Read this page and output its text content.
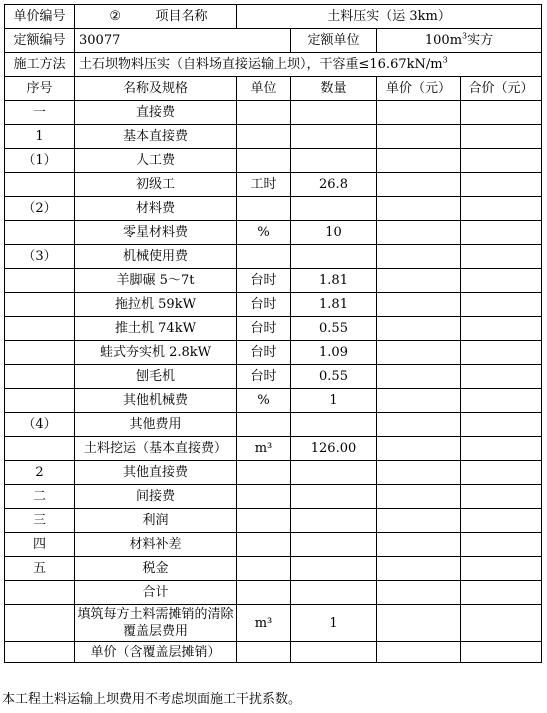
单价编号	② 项目名称	土料压实（运 3km）			
定额编号	30077		定额单位	$100m^3$实方	
施工方法	土石坝物料压实（自料场直接运输上坝），干容重$\le 16.67kN/m^3$
序号	名称及规格	单位	数量	单价（元）	合价（元）
一	直接费				
1	基本直接费				
（1）	人工费				
	初级工	工时	26.8		
（2）	材料费				
	零星材料费	%	10		
（3）	机械使用费				
	羊脚碾 5～7t	台时	1.81		
	拖拉机 59kW	台时	1.81		
	推土机 74kW	台时	0.55		
	蛙式夯实机 2.8kW	台时	1.09		
	刨毛机	台时	0.55		
	其他机械费	%	1		
（4）	其他费用				
	土料挖运（基本直接费）	m³	126.00		
2	其他直接费				
二	间接费				
三	利润				
四	材料补差				
五	税金				
	合计				
	填筑每方土料需摊销的清除覆盖层费用	m³	1		
	单价（含覆盖层摊销）				
本工程土料运输上坝费用不考虑坝面施工干扰系数。
